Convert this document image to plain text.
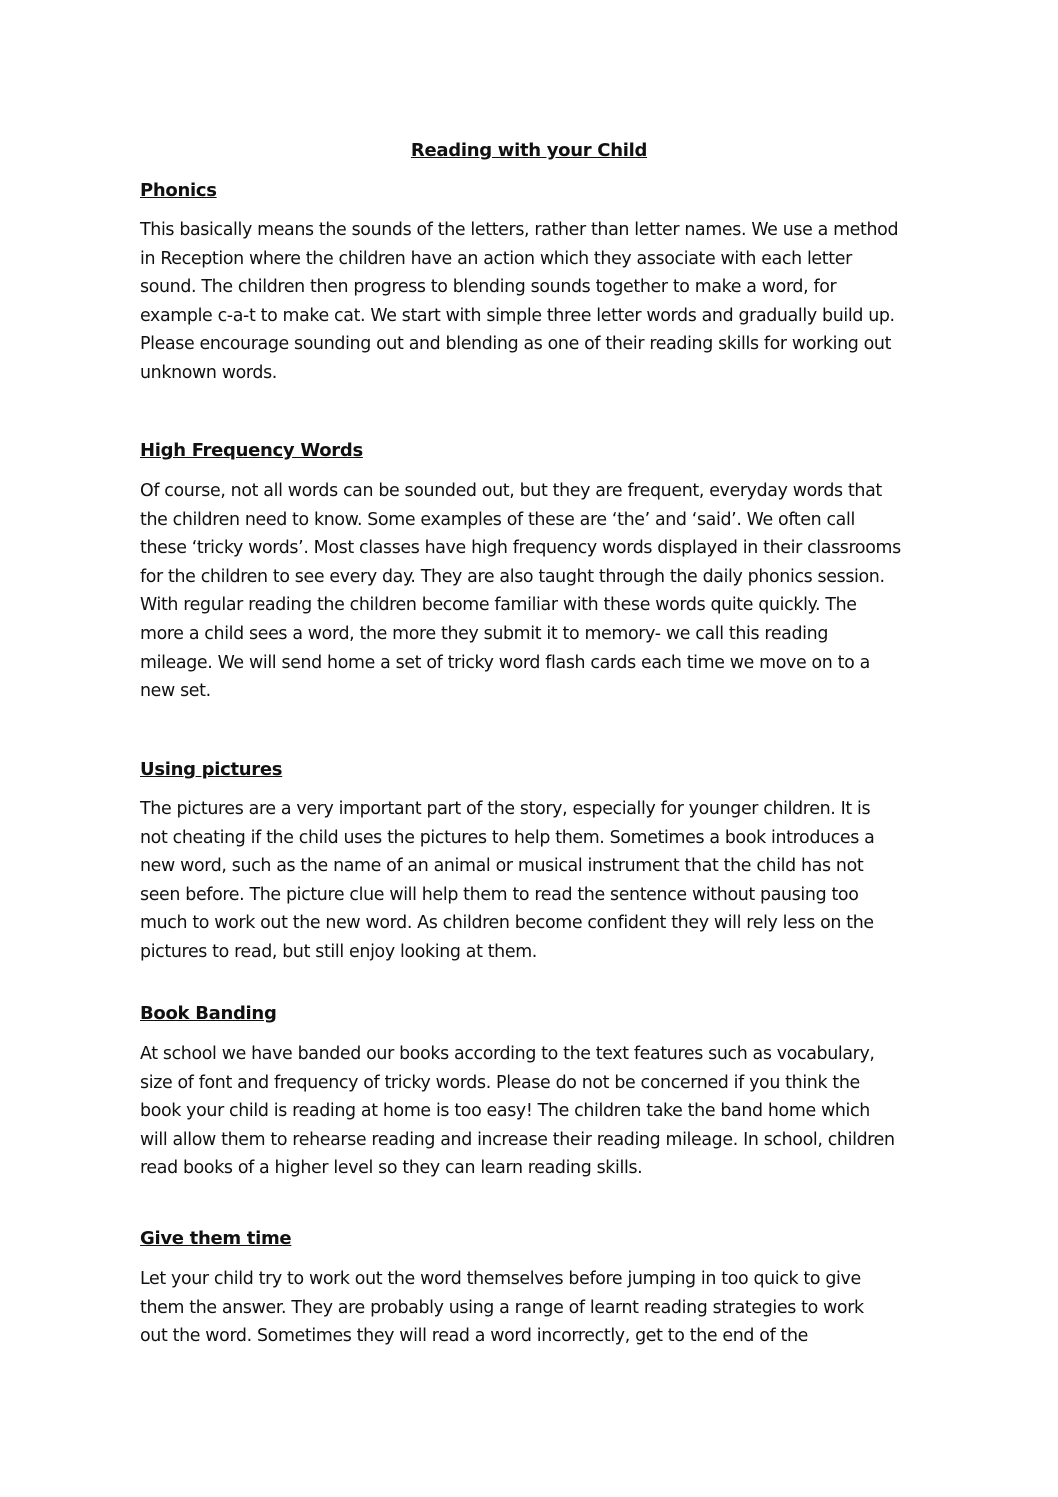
Reading with your Child
Phonics

This basically means the sounds of the letters, rather than letter names. We use a method
in Reception where the children have an action which they associate with each letter
sound. The children then progress to blending sounds together to make a word, for
example c-a-t to make cat. We start with simple three letter words and gradually build up.
Please encourage sounding out and blending as one of their reading skills for working out
unknown words.

High Frequency Words

Of course, not all words can be sounded out, but they are frequent, everyday words that
the children need to know. Some examples of these are ‘the’ and ‘said’. We often call
these ‘tricky words’. Most classes have high frequency words displayed in their classrooms
for the children to see every day. They are also taught through the daily phonics session.
With regular reading the children become familiar with these words quite quickly. The
more a child sees a word, the more they submit it to memory- we call this reading
mileage. We will send home a set of tricky word flash cards each time we move on to a
new set.

Using pictures

The pictures are a very important part of the story, especially for younger children. It is
not cheating if the child uses the pictures to help them. Sometimes a book introduces a
new word, such as the name of an animal or musical instrument that the child has not
seen before. The picture clue will help them to read the sentence without pausing too
much to work out the new word. As children become confident they will rely less on the
pictures to read, but still enjoy looking at them.

Book Banding

At school we have banded our books according to the text features such as vocabulary,
size of font and frequency of tricky words. Please do not be concerned if you think the
book your child is reading at home is too easy! The children take the band home which
will allow them to rehearse reading and increase their reading mileage. In school, children
read books of a higher level so they can learn reading skills.

Give them time

Let your child try to work out the word themselves before jumping in too quick to give
them the answer. They are probably using a range of learnt reading strategies to work
out the word. Sometimes they will read a word incorrectly, get to the end of the
